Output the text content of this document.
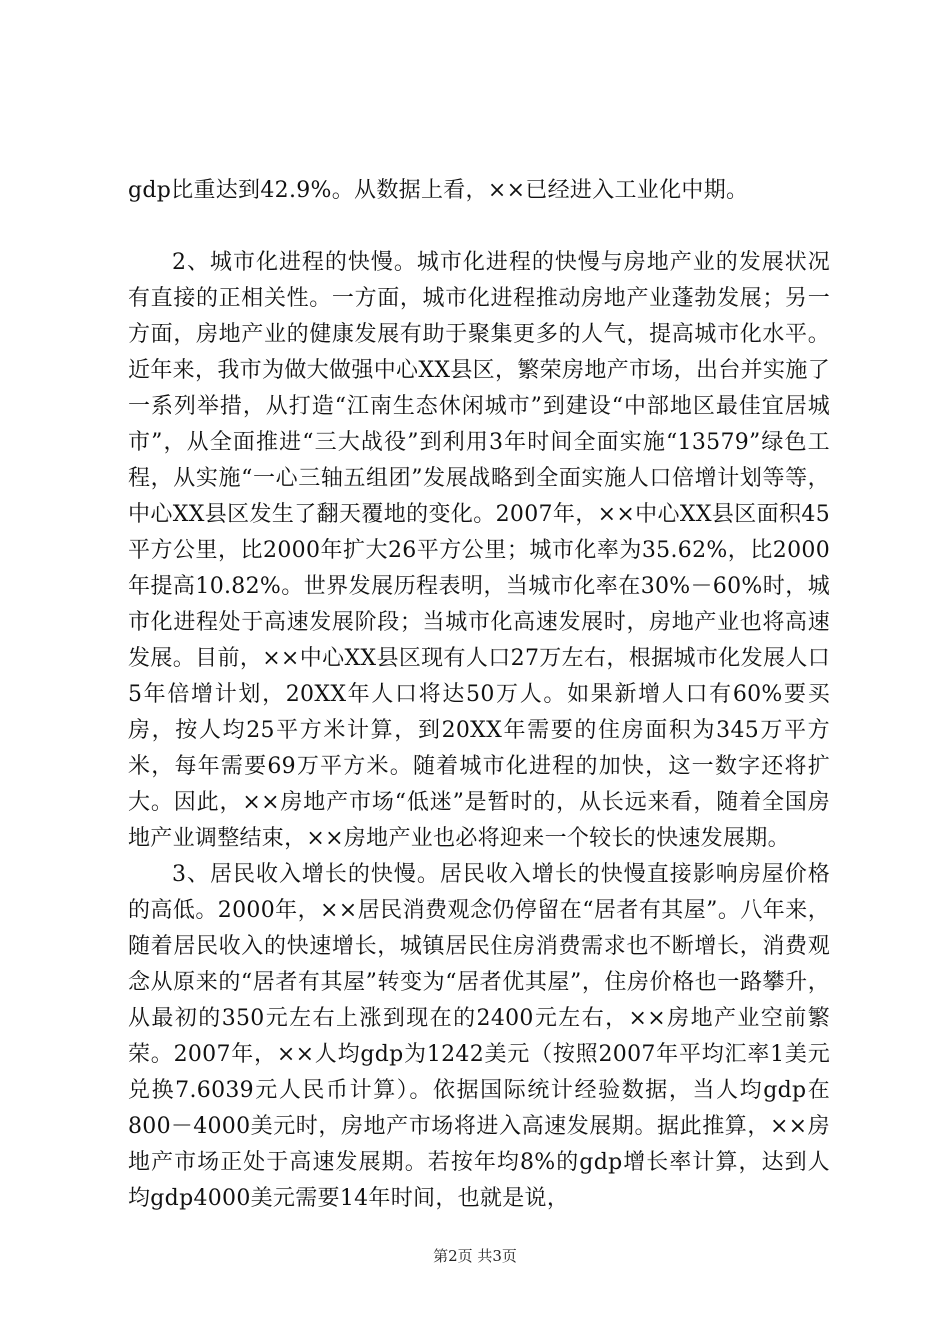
gdp比重达到42.9%。从数据上看，××已经进入工业化中期。

2、城市化进程的快慢。城市化进程的快慢与房地产业的发展状况有直接的正相关性。一方面，城市化进程推动房地产业蓬勃发展；另一方面，房地产业的健康发展有助于聚集更多的人气，提高城市化水平。近年来，我市为做大做强中心XX县区，繁荣房地产市场，出台并实施了一系列举措，从打造“江南生态休闲城市”到建设“中部地区最佳宜居城市”，从全面推进“三大战役”到利用3年时间全面实施“13579”绿色工程，从实施“一心三轴五组团”发展战略到全面实施人口倍增计划等等，中心XX县区发生了翻天覆地的变化。2007年，××中心XX县区面积45平方公里，比2000年扩大26平方公里；城市化率为35.62%，比2000年提高10.82%。世界发展历程表明，当城市化率在30%－60%时，城市化进程处于高速发展阶段；当城市化高速发展时，房地产业也将高速发展。目前，××中心XX县区现有人口27万左右，根据城市化发展人口5年倍增计划，20XX年人口将达50万人。如果新增人口有60%要买房，按人均25平方米计算，到20XX年需要的住房面积为345万平方米，每年需要69万平方米。随着城市化进程的加快，这一数字还将扩大。因此，××房地产市场“低迷”是暂时的，从长远来看，随着全国房地产业调整结束，××房地产业也必将迎来一个较长的快速发展期。

3、居民收入增长的快慢。居民收入增长的快慢直接影响房屋价格的高低。2000年，××居民消费观念仍停留在“居者有其屋”。八年来，随着居民收入的快速增长，城镇居民住房消费需求也不断增长，消费观念从原来的“居者有其屋”转变为“居者优其屋”，住房价格也一路攀升，从最初的350元左右上涨到现在的2400元左右，××房地产业空前繁荣。2007年，××人均gdp为1242美元（按照2007年平均汇率1美元兑换7.6039元人民币计算）。依据国际统计经验数据，当人均gdp在800－4000美元时，房地产市场将进入高速发展期。据此推算，××房地产市场正处于高速发展期。若按年均8%的gdp增长率计算，达到人均gdp4000美元需要14年时间，也就是说，

第2页 共3页
